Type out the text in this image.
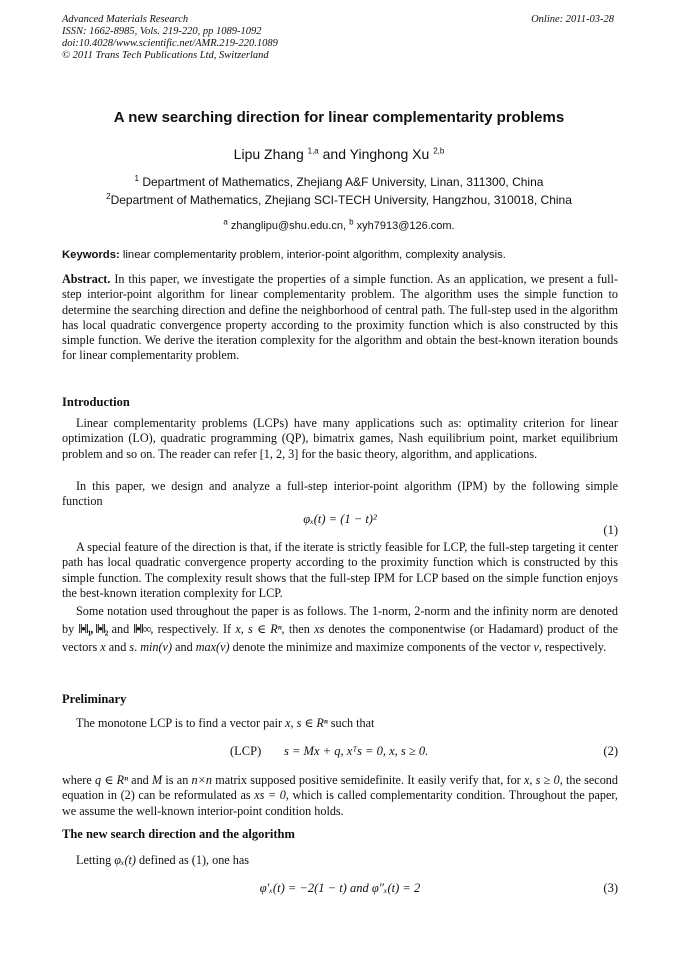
Advanced Materials Research
ISSN: 1662-8985, Vols. 219-220, pp 1089-1092
doi:10.4028/www.scientific.net/AMR.219-220.1089
© 2011 Trans Tech Publications Ltd, Switzerland
Online: 2011-03-28
A new searching direction for linear complementarity problems
Lipu Zhang $^{1,a}$ and Yinghong Xu $^{2,b}$
$^1$ Department of Mathematics, Zhejiang A&F University, Linan, 311300, China
$^2$Department of Mathematics, Zhejiang SCI-TECH University, Hangzhou, 310018, China
$^a$ zhanglipu@shu.edu.cn, $^b$ xyh7913@126.com.
Keywords: linear complementarity problem, interior-point algorithm, complexity analysis.
Abstract. In this paper, we investigate the properties of a simple function. As an application, we present a full-step interior-point algorithm for linear complementarity problem. The algorithm uses the simple function to determine the searching direction and define the neighborhood of central path. The full-step used in the algorithm has local quadratic convergence property according to the proximity function which is also constructed by this simple function. We derive the iteration complexity for the algorithm and obtain the best-known iteration bounds for linear complementarity problem.
Introduction
Linear complementarity problems (LCPs) have many applications such as: optimality criterion for linear optimization (LO), quadratic programming (QP), bimatrix games, Nash equilibrium point, market equilibrium problem and so on. The reader can refer [1, 2, 3] for the basic theory, algorithm, and applications.
In this paper, we design and analyze a full-step interior-point algorithm (IPM) by the following simple function
φₓ(t) = (1 − t)²
(1)
A special feature of the direction is that, if the iterate is strictly feasible for LCP, the full-step targeting it center path has local quadratic convergence property according to the proximity function which is constructed by this simple function. The complexity result shows that the full-step IPM for LCP based on the simple function enjoys the best-known iteration complexity for LCP.
Some notation used throughout the paper is as follows. The 1-norm, 2-norm and the infinity norm are denoted by ‖•‖₁, ‖•‖₂ and ‖•‖∞, respectively. If x, s ∈ Rⁿ, then xs denotes the componentwise (or Hadamard) product of the vectors x and s. min(v) and max(v) denote the minimize and maximize components of the vector v, respectively.
Preliminary
The monotone LCP is to find a vector pair x, s ∈ Rⁿ such that
(LCP) s = Mx + q, xᵀs = 0, x, s ≥ 0.	(2)
where q ∈ Rⁿ and M is an n×n matrix supposed positive semidefinite. It easily verify that, for x, s ≥ 0, the second equation in (2) can be reformulated as xs = 0, which is called complementarity condition. Throughout the paper, we assume the well-known interior-point condition holds.
The new search direction and the algorithm
Letting φₓ(t) defined as (1), one has
φ′ₓ(t) = −2(1 − t) and φ″ₓ(t) = 2	(3)
